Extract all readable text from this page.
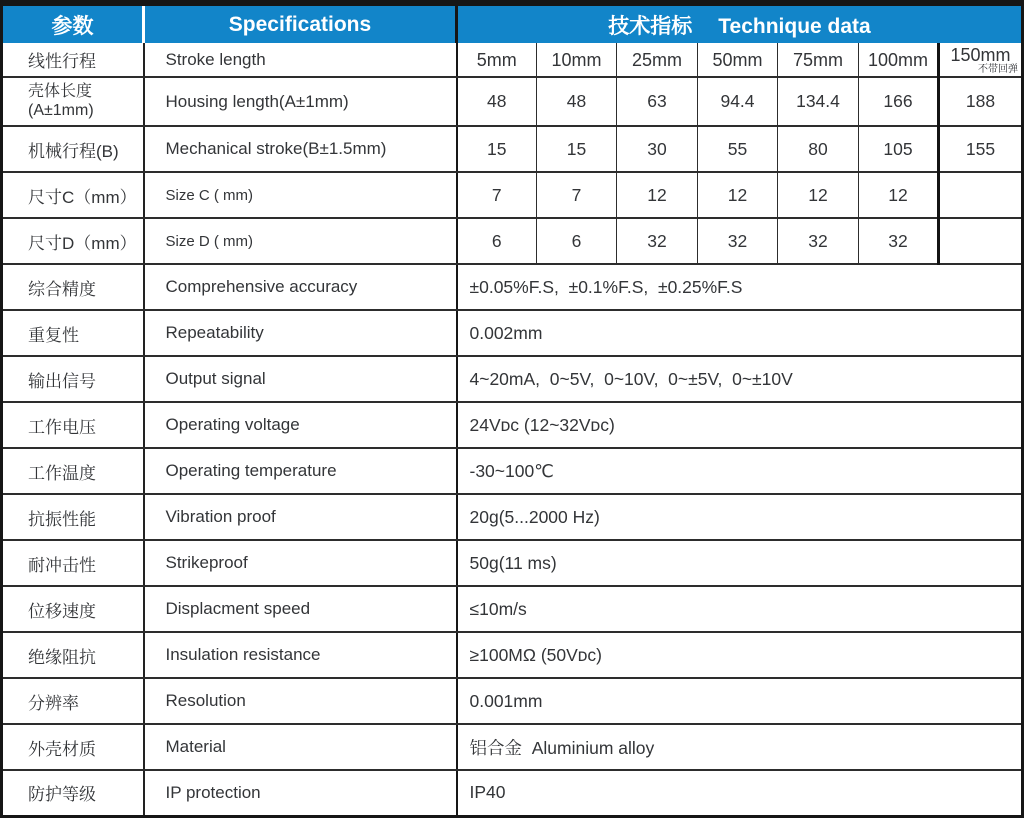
参数	Specifications	技术指标 Technique data						
线性行程	Stroke length	5mm	10mm	25mm	50mm	75mm	100mm	150mm
不带回弹

壳体长度
(A±1mm)	Housing length(A±1mm)	48	48	63	94.4	134.4	166	188
机械行程(B)	Mechanical stroke(B±1.5mm)	15	15	30	55	80	105	155
尺寸C（mm）	Size C ( mm)	7	7	12	12	12	12	
尺寸D（mm）	Size D ( mm)	6	6	32	32	32	32	
综合精度	Comprehensive accuracy	±0.05%F.S,  ±0.1%F.S,  ±0.25%F.S						
重复性	Repeatability	0.002mm						
输出信号	Output signal	4~20mA,  0~5V,  0~10V,  0~±5V,  0~±10V						
工作电压	Operating voltage	24Vᴅᴄ (12~32Vᴅᴄ)						
工作温度	Operating temperature	-30~100℃						
抗振性能	Vibration proof	20g(5...2000 Hz)						
耐冲击性	Strikeproof	50g(11 ms)						
位移速度	Displacment speed	≤10m/s						
绝缘阻抗	Insulation resistance	≥100MΩ (50Vᴅᴄ)						
分辨率	Resolution	0.001mm						
外壳材质	Material	铝合金  Aluminium alloy						
防护等级	IP protection	IP40						
